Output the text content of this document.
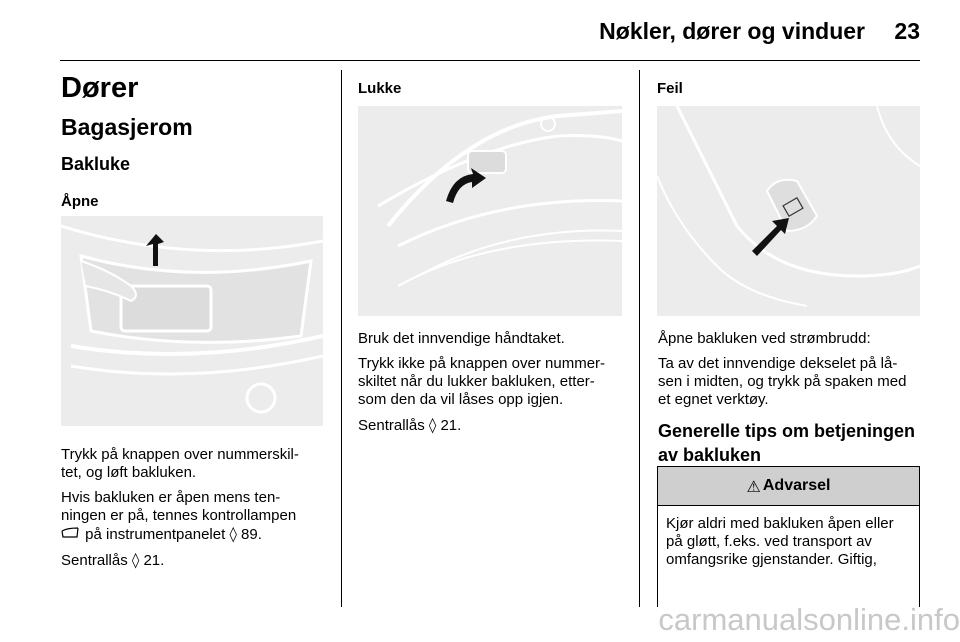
Nøkler, dører og vinduer 23
Dører
Bagasjerom
Bakluke
Åpne

Trykk på knappen over nummerskil-

tet, og løft bakluken.

Hvis bakluken er åpen mens ten-

ningen er på, tennes kontrollampen

på instrumentpanelet ◊ 89.

Sentrallås ◊ 21.

Lukke

Bruk det innvendige håndtaket.

Trykk ikke på knappen over nummer-

skiltet når du lukker bakluken, etter-

som den da vil låses opp igjen.

Sentrallås ◊ 21.

Feil

Åpne bakluken ved strømbrudd:

Ta av det innvendige dekselet på lå-

sen i midten, og trykk på spaken med

et egnet verktøy.

Generelle tips om betjeningen
av bakluken
⚠ Advarsel

Kjør aldri med bakluken åpen eller

på gløtt, f.eks. ved transport av

omfangsrike gjenstander. Giftig,

carmanualsonline.info
